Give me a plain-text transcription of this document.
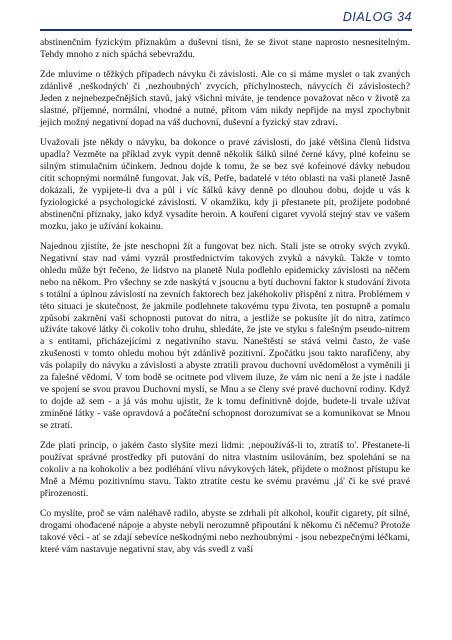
DIALOG 34

abstinenčním fyzickým příznakům a duševní tísni, že se život stane naprosto nesnesitelným. Tehdy mnoho z nich spáchá sebevraždu.

Zde mluvíme o těžkých případech návyku či závislosti. Ale co si máme myslet o tak zvaných zdánlivě ‚neškodných' či ‚nezhoubných' zvycích, příchylnostech, návycích či závislostech? Jeden z nejnebezpečnějších stavů, jaký všichni míváte, je tendence považovat něco v životě za slastné, příjemné, normální, vhodné a nutné, přitom vám nikdy nepřijde na mysl zpochybnit jejich možný negativní dopad na váš duchovní, duševní a fyzický stav zdraví.

Uvažovali jste někdy o návyku, ba dokonce o pravé závislosti, do jaké většina členů lidstva upadla? Vezměte na příklad zvyk vypít denně několik šálků silné černé kávy, plné kofeinu se silným stimulačním účinkem. Jednou dojde k tomu, že se bez své kofeinové dávky nebudou cítit schopnými normálně fungovat. Jak víš, Petře, badatelé v této oblasti na vaší planetě Jasně dokázali, že vypijete-li dva a půl i víc šálků kávy denně po dlouhou dobu, dojde u vás k fyziologické a psychologické závislosti. V okamžiku, kdy ji přestanete pít, prožijete podobné abstinenční příznaky, jako když vysadíte heroin. A kouření cigaret vyvolá stejný stav ve vašem mozku, jako je užívání kokainu.

Najednou zjistíte, že jste neschopni žít a fungovat bez nich. Stali jste se otroky svých zvyků. Negativní stav nad vámi vyzrál prostřednictvím takových zvyků a návyků. Takže v tomto ohledu může být řečeno, že lidstvo na planetě Nula podlehlo epidemicky závislosti na něčem nebo na někom. Pro všechny se zde naskýtá v jsoucnu a bytí duchovní faktor k studování života s totální a úplnou závislostí na zevních faktorech bez jakéhokoliv přispění z nitra. Problémem v této situaci je skutečnost, že jakmile podlehnete takovému typu života, ten postupně a pomalu způsobí zakrnění vaší schopnosti putovat do nitra, a jestliže se pokusíte jít do nitra, zatímco užíváte takové látky či cokoliv toho druhu, shledáte, že jste ve styku s falešným pseudo-nitrem a s entitami, přicházejícími z negativního stavu. Naneštěstí se stává velmi často, že vaše zkušenosti v tomto ohledu mohou být zdánlivě pozitivní. Zpočátku jsou takto narafičeny, aby vás polapily do návyku a závislosti a abyste ztratili pravou duchovní uvědomělost a vyměnili ji za falešné vědomí. V tom bodě se ocitnete pod vlivem iluze, že vám nic není a že jste i nadále ve spojení se svou pravou Duchovní myslí, se Mnu a se členy své pravé duchovní rodiny. Když to dojde až sem - a já vás mohu ujistit, že k tomu definitivně dojde, budete-li trvale užívat zmíněné látky - vaše opravdová a počáteční schopnost dorozumívat se a komunikovat se Mnou se ztratí.

Zde platí princip, o jakém často slyšíte mezi lidmi: ‚nepoužíváš-li to, ztratíš to'. Přestanete-li používat správné prostředky při putování do nitra vlastním usilováním, bez spolehání se na cokoliv a na kohokoliv a bez podléhání vlivu návykových látek, přijdete o možnost přístupu ke Mně a Mému pozitivnímu stavu. Takto ztratíte cestu ke svému pravému ‚já' či ke své pravé přirozenosti.

Co myslíte, proč se vám naléhavě radilo, abyste se zdrhali pít alkohol, kouřit cigarety, pít silné, drogami ohođacené nápoje a abyste nebyli nerozumně připoutáni k někomu či něčemu? Protože takové věci - ať se zdají sebevíce neškodnými nebo nezhoubnými - jsou nebezpečnými léčkami, které vám nastavuje negativní stav, aby vás svedl z vaší
